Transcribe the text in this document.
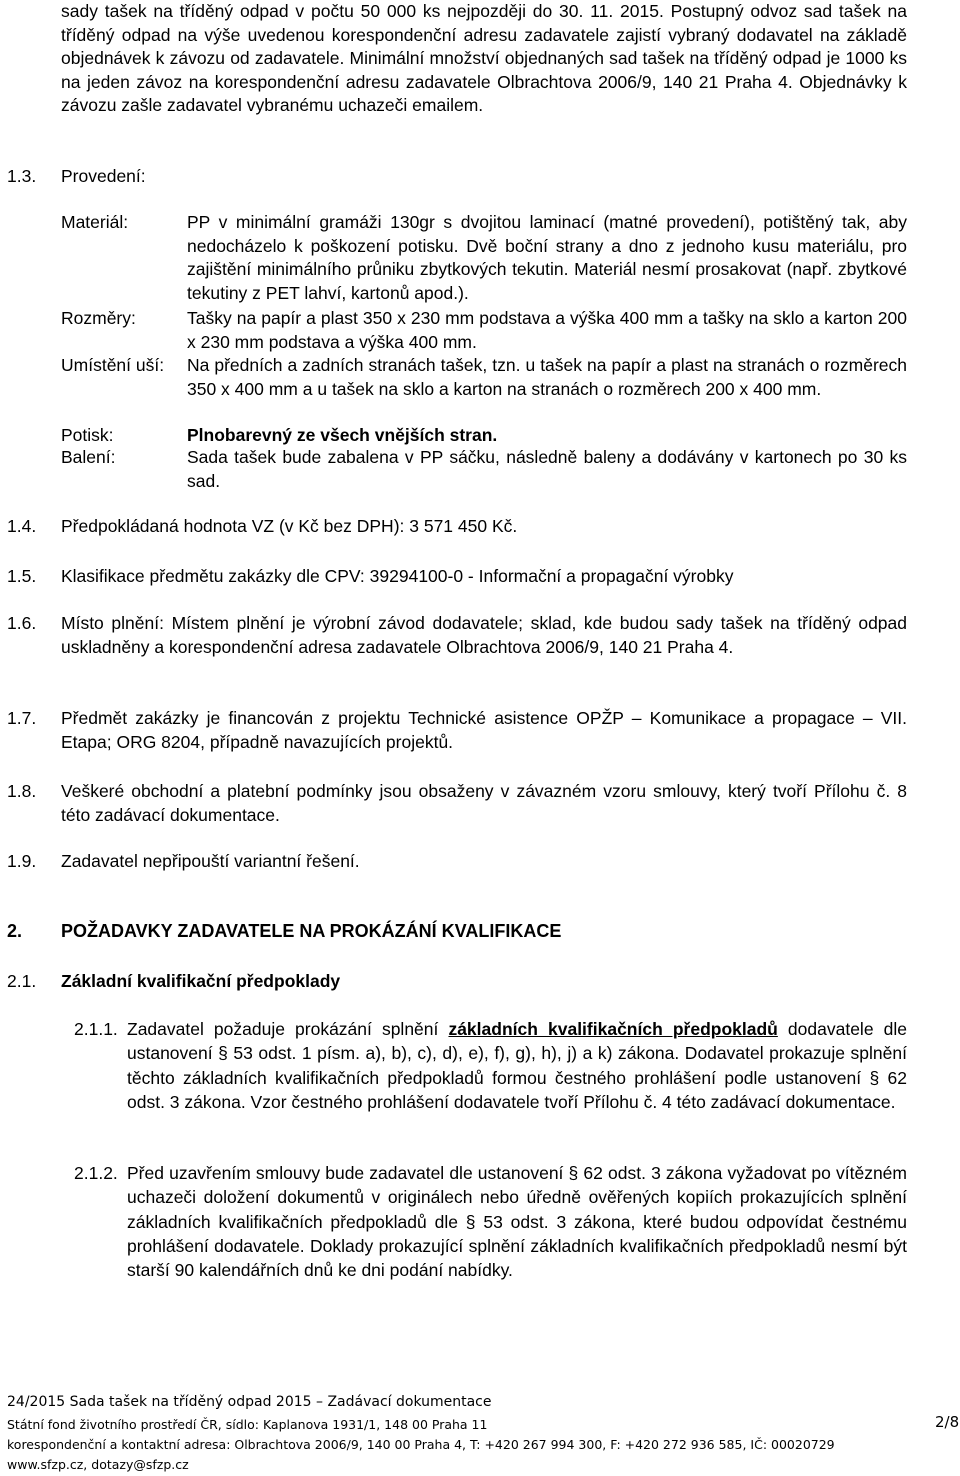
sady tašek na tříděný odpad v počtu 50 000 ks nejpozději do 30. 11. 2015. Postupný odvoz sad tašek na tříděný odpad na výše uvedenou korespondenční adresu zadavatele zajistí vybraný dodavatel na základě objednávek k závozu od zadavatele. Minimální množství objednaných sad tašek na tříděný odpad je 1000 ks na jeden závoz na korespondenční adresu zadavatele Olbrachtova 2006/9, 140 21 Praha 4. Objednávky k závozu zašle zadavatel vybranému uchazeči emailem.
1.3. Provedení:
Materiál:	PP v minimální gramáži 130gr s dvojitou laminací (matné provedení), potištěný tak, aby nedocházelo k poškození potisku. Dvě boční strany a dno z jednoho kusu materiálu, pro zajištění minimálního průniku zbytkových tekutin. Materiál nesmí prosakovat (např. zbytkové tekutiny z PET lahví, kartonů apod.).
Rozměry:	Tašky na papír a plast 350 x 230 mm podstava a výška 400 mm a tašky na sklo a karton 200 x 230 mm podstava a výška 400 mm.
Umístění uší: Na předních a zadních stranách tašek, tzn. u tašek na papír a plast na stranách o rozměrech 350 x 400 mm a u tašek na sklo a karton na stranách o rozměrech 200 x 400 mm.
Potisk:	Plnobarevný ze všech vnějších stran.
Balení:	Sada tašek bude zabalena v PP sáčku, následně baleny a dodávány v kartonech po 30 ks sad.
1.4. Předpokládaná hodnota VZ (v Kč bez DPH): 3 571 450 Kč.
1.5. Klasifikace předmětu zakázky dle CPV: 39294100-0 - Informační a propagační výrobky
1.6. Místo plnění: Místem plnění je výrobní závod dodavatele; sklad, kde budou sady tašek na tříděný odpad uskladněny a korespondenční adresa zadavatele Olbrachtova 2006/9, 140 21 Praha 4.
1.7. Předmět zakázky je financován z projektu Technické asistence OPŽP – Komunikace a propagace – VII. Etapa; ORG 8204, případně navazujících projektů.
1.8. Veškeré obchodní a platební podmínky jsou obsaženy v závazném vzoru smlouvy, který tvoří Přílohu č. 8 této zadávací dokumentace.
1.9. Zadavatel nepřipouští variantní řešení.
2. POŽADAVKY ZADAVATELE NA PROKÁZÁNÍ KVALIFIKACE
2.1. Základní kvalifikační předpoklady
2.1.1. Zadavatel požaduje prokázání splnění základních kvalifikačních předpokladů dodavatele dle ustanovení § 53 odst. 1 písm. a), b), c), d), e), f), g), h), j) a k) zákona. Dodavatel prokazuje splnění těchto základních kvalifikačních předpokladů formou čestného prohlášení podle ustanovení § 62 odst. 3 zákona. Vzor čestného prohlášení dodavatele tvoří Přílohu č. 4 této zadávací dokumentace.
2.1.2. Před uzavřením smlouvy bude zadavatel dle ustanovení § 62 odst. 3 zákona vyžadovat po vítězném uchazeči doložení dokumentů v originálech nebo úředně ověřených kopiích prokazujících splnění základních kvalifikačních předpokladů dle § 53 odst. 3 zákona, které budou odpovídat čestnému prohlášení dodavatele. Doklady prokazující splnění základních kvalifikačních předpokladů nesmí být starší 90 kalendářních dnů ke dni podání nabídky.
24/2015 Sada tašek na tříděný odpad 2015 – Zadávací dokumentace
Státní fond životního prostředí ČR, sídlo: Kaplanova 1931/1, 148 00 Praha 11
korespondenční a kontaktní adresa: Olbrachtova 2006/9, 140 00 Praha 4, T: +420 267 994 300, F: +420 272 936 585, IČ: 00020729
www.sfzp.cz, dotazy@sfzp.cz
2/8
